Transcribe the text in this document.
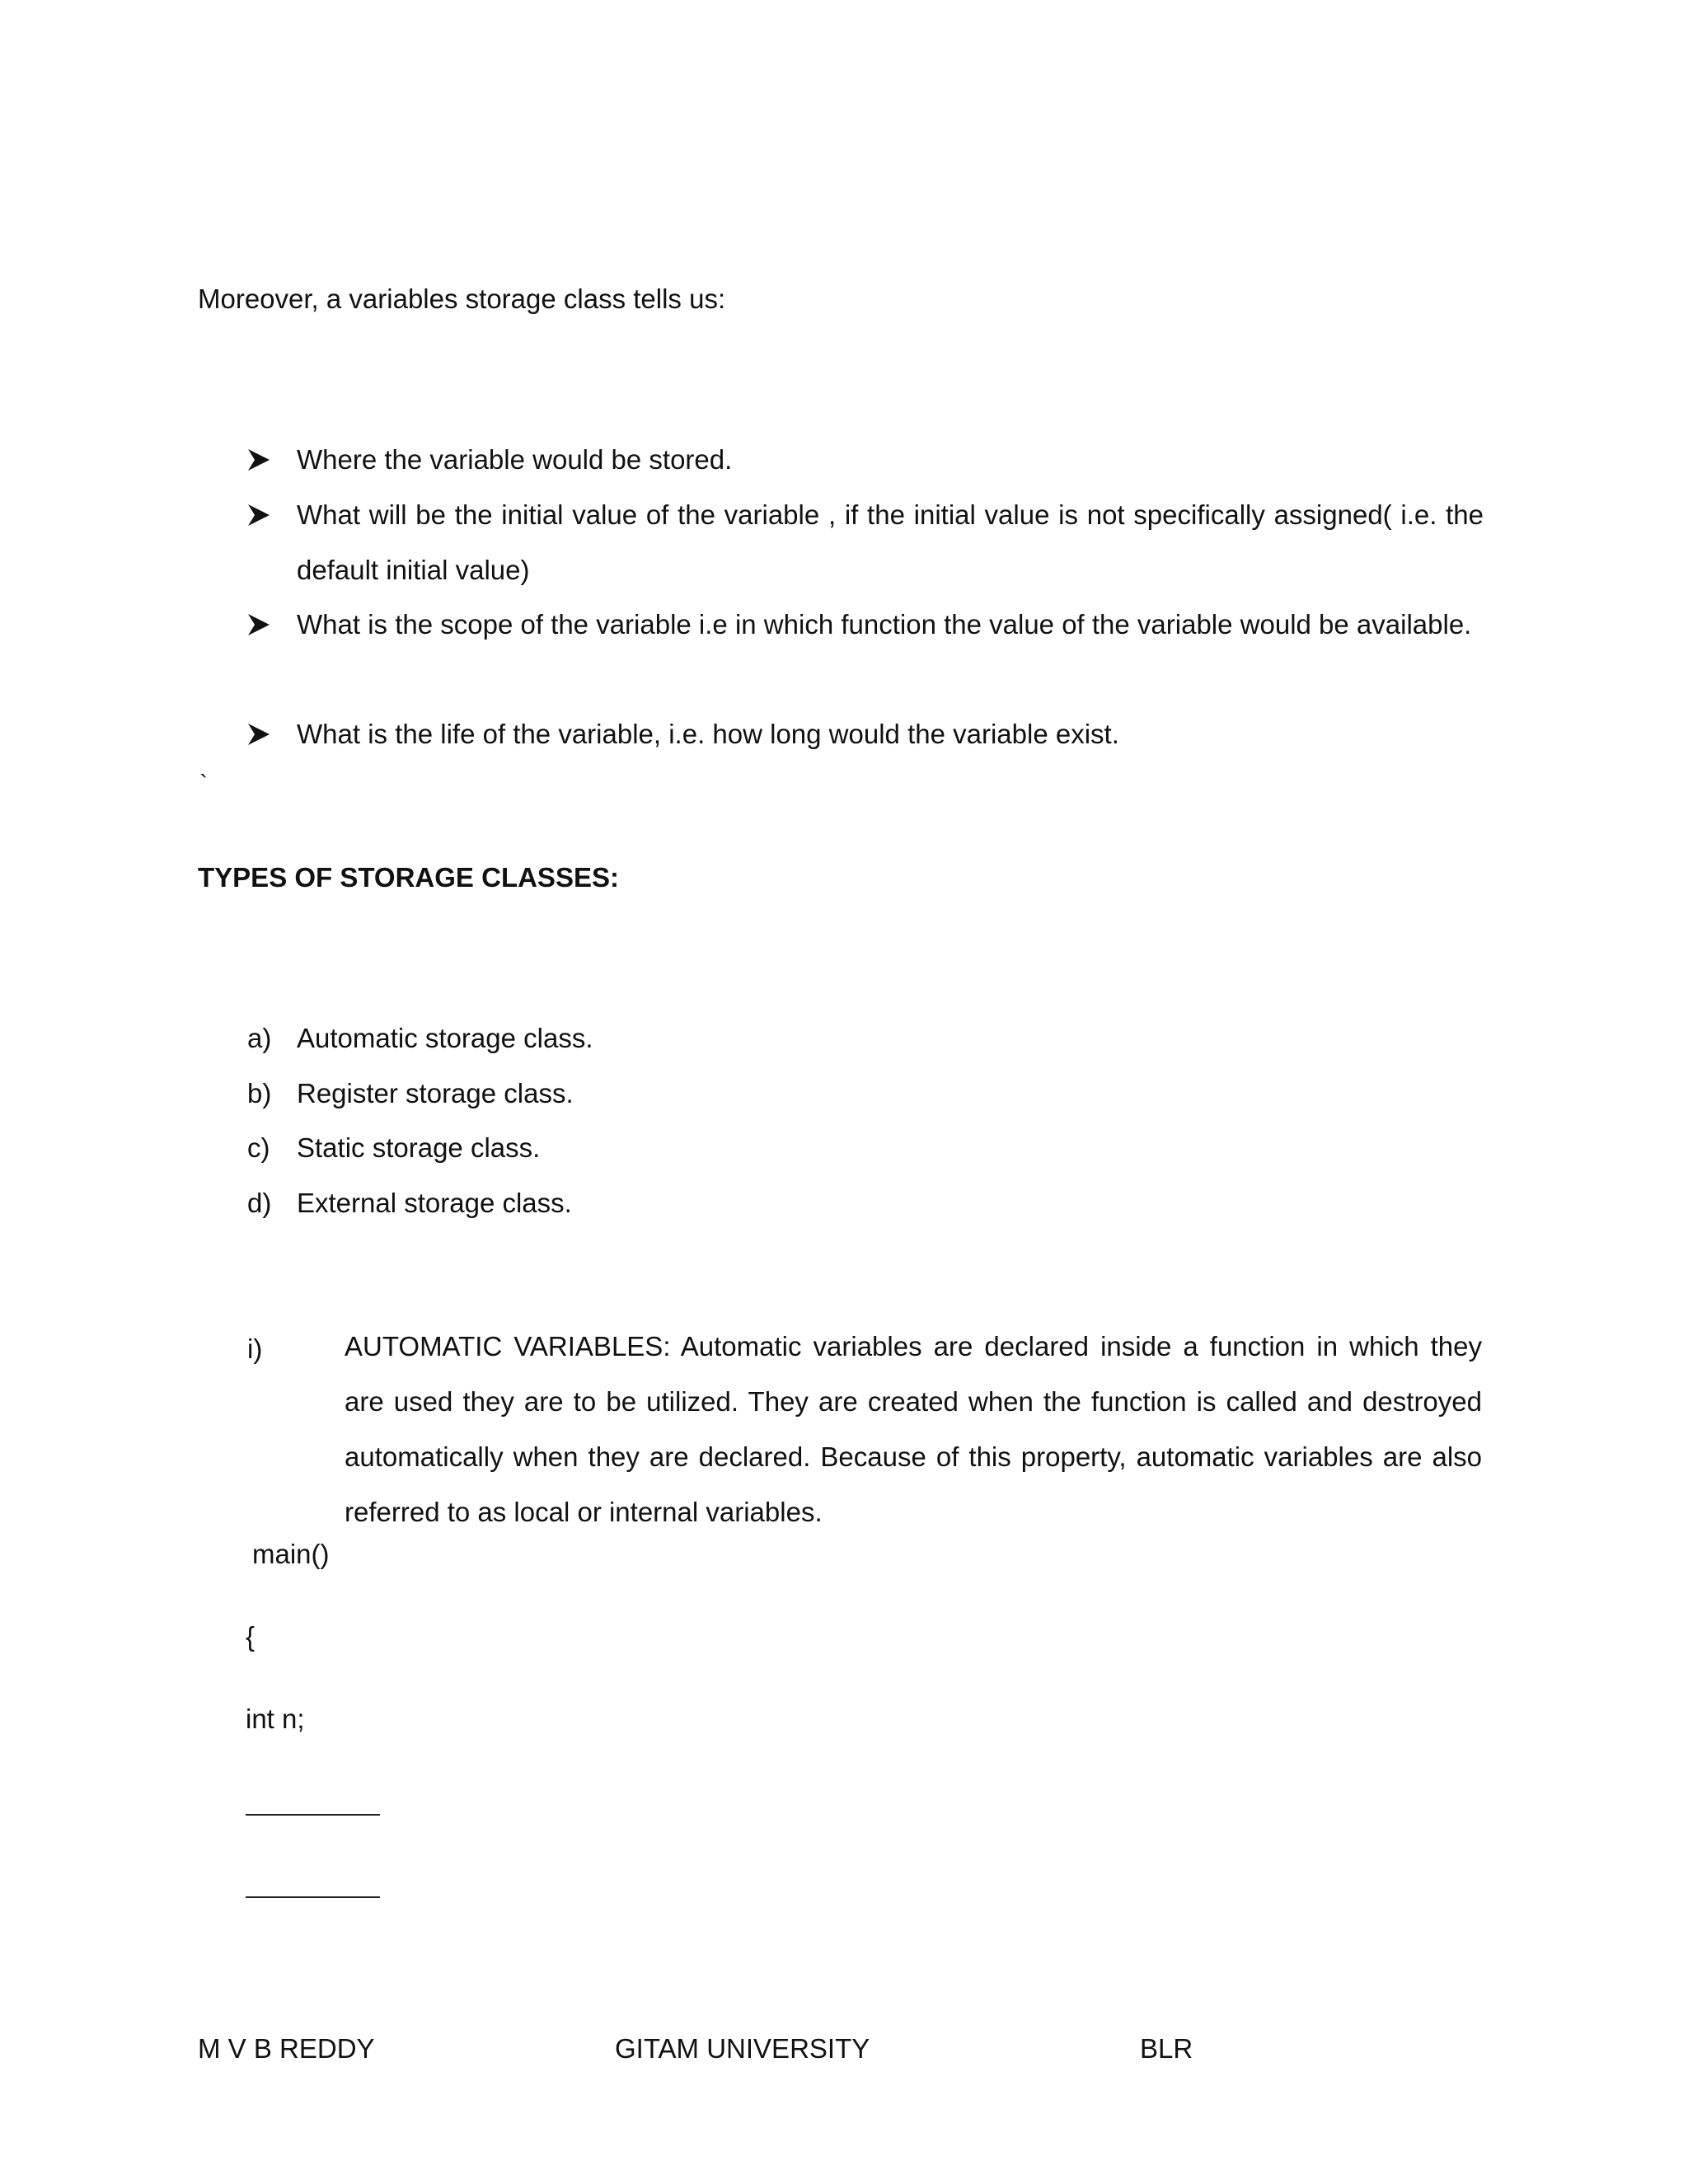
Moreover, a variables storage class tells us:
Where the variable would be stored.
What will be the initial value of the variable , if the initial value is not specifically assigned( i.e. the default initial value)
What is the scope of the variable i.e in which function the value of the variable would be available.
What is the life of the variable, i.e. how long would the variable exist.
`
TYPES OF STORAGE CLASSES:
a) Automatic storage class.
b) Register storage class.
c) Static storage class.
d) External storage class.
i)	AUTOMATIC VARIABLES: Automatic variables are declared inside a function in which they are used they are to be utilized. They are created when the function is called and destroyed automatically when they are declared. Because of this property, automatic variables are also referred to as local or internal variables.
main()
{
int n;
M V B REDDY	GITAM UNIVERSITY	BLR
